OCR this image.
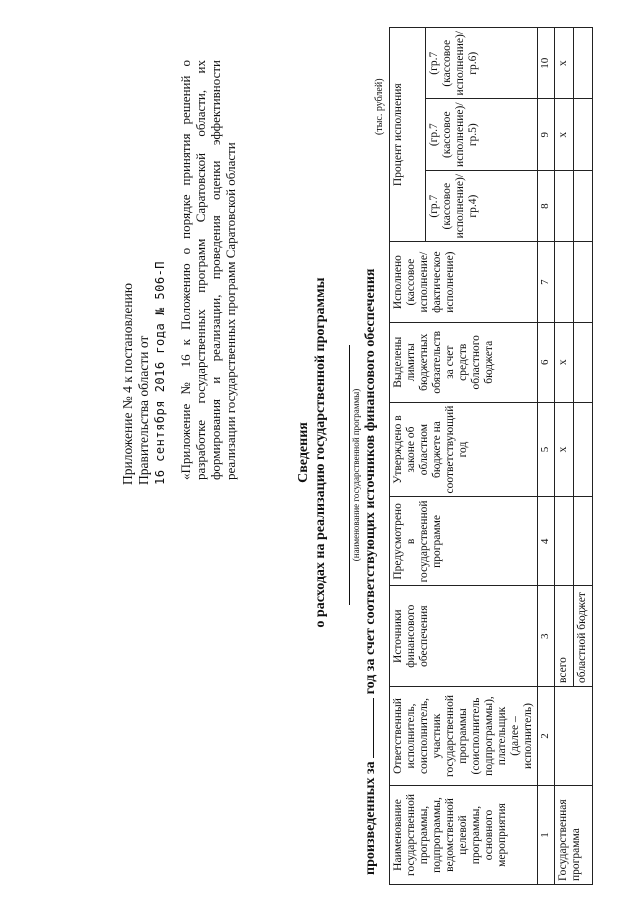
Приложение № 4 к постановлению Правительства области от 16 сентября 2016 года № 506-П «Приложение № 16 к Положению о порядке принятия решений о разработке государственных программ Саратовской области, их формирования и реализации, проведения оценки эффективности реализации государственных программ Саратовской области	Сведения о расходах на реализацию государственной программы	(наименование государственной программы)
произведенных за  год за счет соответствующих источников финансового обеспечения
(тыс. рублей)
Наименование государственной программы, подпрограммы, ведомственной целевой программы, основного мероприятия	Ответственный исполнитель, соисполнитель, участник государственной программы (соисполнитель подпрограммы), плательщик (далее – исполнитель)	Источники финансового обеспечения	Предусмотрено в государственной программе	Утверждено в законе об областном бюджете на соответствующий год	Выделены лимиты бюджетных обязательств за счет средств областного бюджета	Исполнено (кассовое исполнение/ фактическое исполнение)	Процент исполнения		
							(гр.7 (кассовое исполнение)/ гр.4)	(гр.7 (кассовое исполнение)/ гр.5)	(гр.7 (кассовое исполнение)/ гр.6)
1	2	3	4	5	6	7	8	9	10
Государственная программа		всего		x	x			x	x
		областной бюджет							
